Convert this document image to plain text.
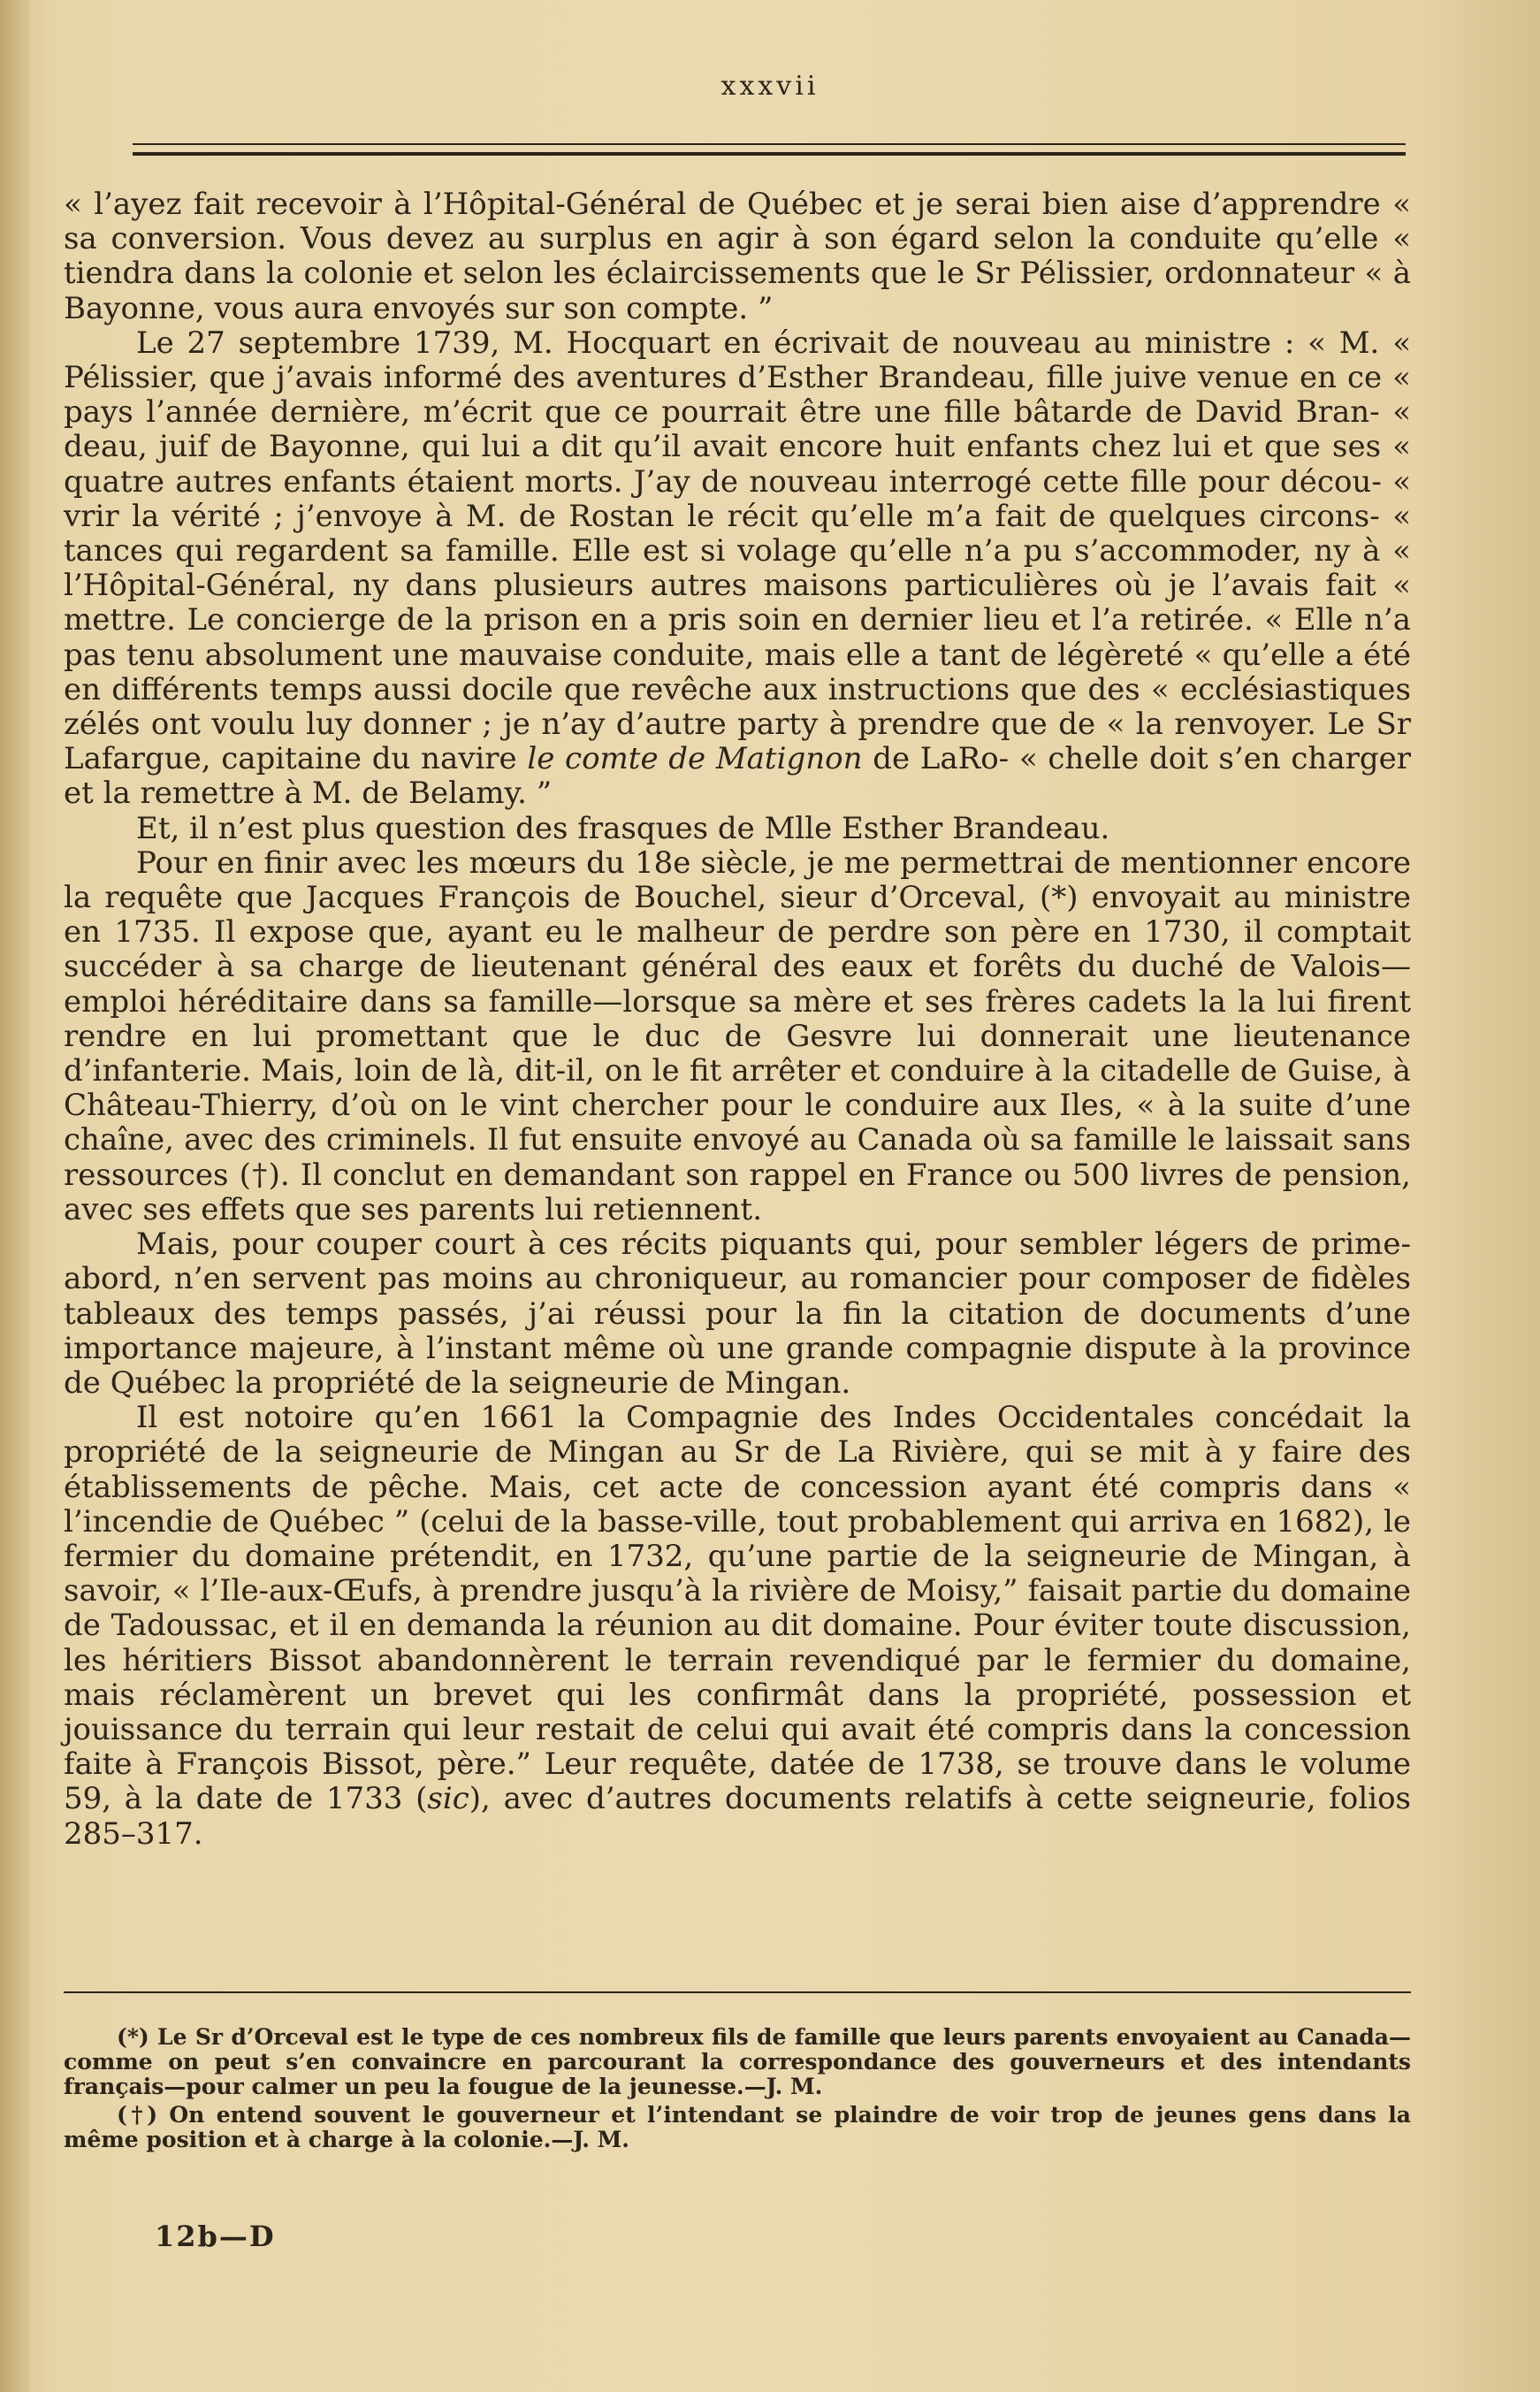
xxxvii

« l’ayez fait recevoir à l’Hôpital-Général de Québec et je serai bien aise d’apprendre « sa conversion. Vous devez au surplus en agir à son égard selon la conduite qu’elle « tiendra dans la colonie et selon les éclaircissements que le Sr Pélissier, ordonnateur « à Bayonne, vous aura envoyés sur son compte. ”

Le 27 septembre 1739, M. Hocquart en écrivait de nouveau au ministre : « M. « Pélissier, que j’avais informé des aventures d’Esther Brandeau, fille juive venue en ce « pays l’année dernière, m’écrit que ce pourrait être une fille bâtarde de David Bran- « deau, juif de Bayonne, qui lui a dit qu’il avait encore huit enfants chez lui et que ses « quatre autres enfants étaient morts. J’ay de nouveau interrogé cette fille pour décou- « vrir la vérité ; j’envoye à M. de Rostan le récit qu’elle m’a fait de quelques circons- « tances qui regardent sa famille. Elle est si volage qu’elle n’a pu s’accommoder, ny à « l’Hôpital-Général, ny dans plusieurs autres maisons particulières où je l’avais fait « mettre. Le concierge de la prison en a pris soin en dernier lieu et l’a retirée. « Elle n’a pas tenu absolument une mauvaise conduite, mais elle a tant de légèreté « qu’elle a été en différents temps aussi docile que revêche aux instructions que des « ecclésiastiques zélés ont voulu luy donner ; je n’ay d’autre party à prendre que de « la renvoyer. Le Sr Lafargue, capitaine du navire le comte de Matignon de LaRo- « chelle doit s’en charger et la remettre à M. de Belamy. ”

Et, il n’est plus question des frasques de Mlle Esther Brandeau.

Pour en finir avec les mœurs du 18e siècle, je me permettrai de mentionner encore la requête que Jacques François de Bouchel, sieur d’Orceval, (*) envoyait au ministre en 1735. Il expose que, ayant eu le malheur de perdre son père en 1730, il comptait succéder à sa charge de lieutenant général des eaux et forêts du duché de Valois—emploi héréditaire dans sa famille—lorsque sa mère et ses frères cadets la la lui firent rendre en lui promettant que le duc de Gesvre lui donnerait une lieutenance d’infanterie. Mais, loin de là, dit-il, on le fit arrêter et conduire à la citadelle de Guise, à Château-Thierry, d’où on le vint chercher pour le conduire aux Iles, « à la suite d’une chaîne, avec des criminels. Il fut ensuite envoyé au Canada où sa famille le laissait sans ressources (†). Il conclut en demandant son rappel en France ou 500 livres de pension, avec ses effets que ses parents lui retiennent.

Mais, pour couper court à ces récits piquants qui, pour sembler légers de prime-abord, n’en servent pas moins au chroniqueur, au romancier pour composer de fidèles tableaux des temps passés, j’ai réussi pour la fin la citation de documents d’une importance majeure, à l’instant même où une grande compagnie dispute à la province de Québec la propriété de la seigneurie de Mingan.

Il est notoire qu’en 1661 la Compagnie des Indes Occidentales concédait la propriété de la seigneurie de Mingan au Sr de La Rivière, qui se mit à y faire des établissements de pêche. Mais, cet acte de concession ayant été compris dans « l’incendie de Québec ” (celui de la basse-ville, tout probablement qui arriva en 1682), le fermier du domaine prétendit, en 1732, qu’une partie de la seigneurie de Mingan, à savoir, « l’Ile-aux-Œufs, à prendre jusqu’à la rivière de Moisy,” faisait partie du domaine de Tadoussac, et il en demanda la réunion au dit domaine. Pour éviter toute discussion, les héritiers Bissot abandonnèrent le terrain revendiqué par le fermier du domaine, mais réclamèrent un brevet qui les confirmât dans la propriété, possession et jouissance du terrain qui leur restait de celui qui avait été compris dans la concession faite à François Bissot, père.” Leur requête, datée de 1738, se trouve dans le volume 59, à la date de 1733 (sic), avec d’autres documents relatifs à cette seigneurie, folios 285–317.

(*) Le Sr d’Orceval est le type de ces nombreux fils de famille que leurs parents envoyaient au Canada—comme on peut s’en convaincre en parcourant la correspondance des gouverneurs et des intendants français—pour calmer un peu la fougue de la jeunesse.—J. M.

(†) On entend souvent le gouverneur et l’intendant se plaindre de voir trop de jeunes gens dans la même position et à charge à la colonie.—J. M.

12b—D
